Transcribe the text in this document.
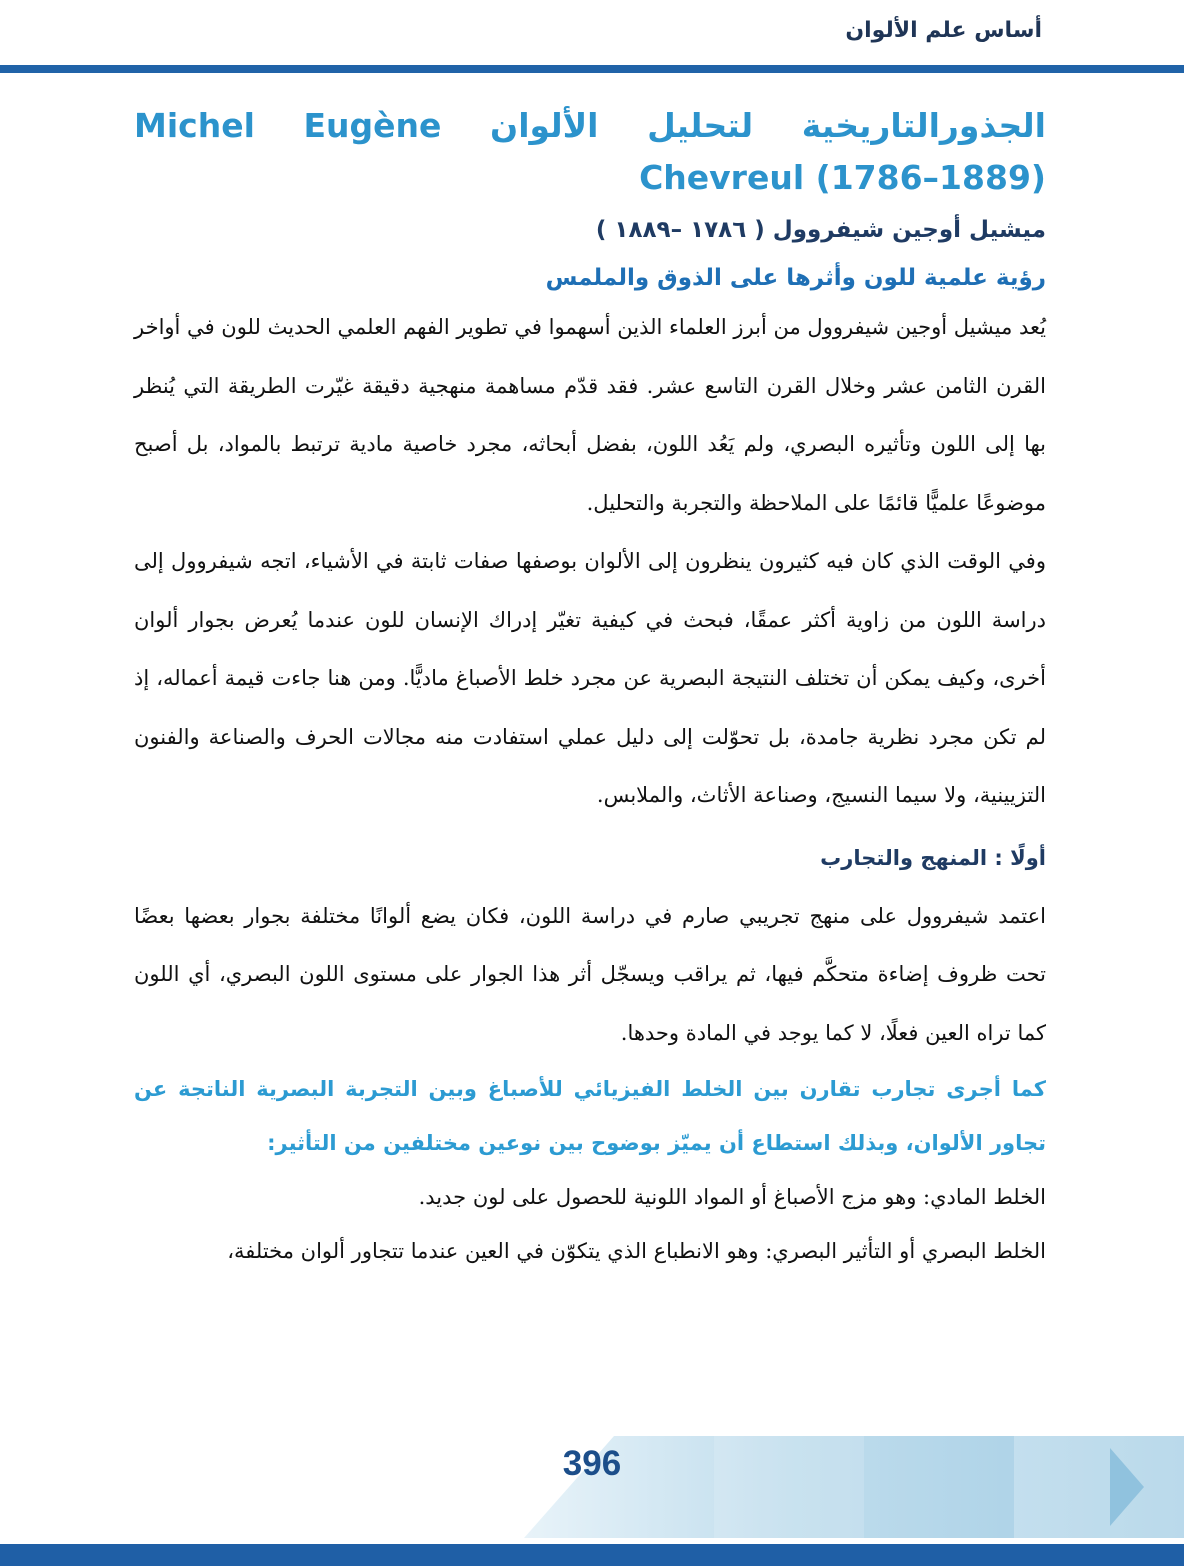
أساس علم الألوان
الجذورالتاريخية لتحليل الألوان Michel Eugène Chevreul (1786–1889)
ميشيل أوجين شيفروول ( ١٧٨٦ –١٨٨٩ )
رؤية علمية للون وأثرها على الذوق والملمس

يُعد ميشيل أوجين شيفروول من أبرز العلماء الذين أسهموا في تطوير الفهم العلمي الحديث للون في أواخر القرن الثامن عشر وخلال القرن التاسع عشر. فقد قدّم مساهمة منهجية دقيقة غيّرت الطريقة التي يُنظر بها إلى اللون وتأثيره البصري، ولم يَعُد اللون، بفضل أبحاثه، مجرد خاصية مادية ترتبط بالمواد، بل أصبح موضوعًا علميًّا قائمًا على الملاحظة والتجربة والتحليل.

وفي الوقت الذي كان فيه كثيرون ينظرون إلى الألوان بوصفها صفات ثابتة في الأشياء، اتجه شيفروول إلى دراسة اللون من زاوية أكثر عمقًا، فبحث في كيفية تغيّر إدراك الإنسان للون عندما يُعرض بجوار ألوان أخرى، وكيف يمكن أن تختلف النتيجة البصرية عن مجرد خلط الأصباغ ماديًّا. ومن هنا جاءت قيمة أعماله، إذ لم تكن مجرد نظرية جامدة، بل تحوّلت إلى دليل عملي استفادت منه مجالات الحرف والصناعة والفنون التزيينية، ولا سيما النسيج، وصناعة الأثاث، والملابس.

أولًا : المنهج والتجارب

اعتمد شيفروول على منهج تجريبي صارم في دراسة اللون، فكان يضع ألوانًا مختلفة بجوار بعضها بعضًا تحت ظروف إضاءة متحكَّم فيها، ثم يراقب ويسجّل أثر هذا الجوار على مستوى اللون البصري، أي اللون كما تراه العين فعلًا، لا كما يوجد في المادة وحدها.

كما أجرى تجارب تقارن بين الخلط الفيزيائي للأصباغ وبين التجربة البصرية الناتجة عن تجاور الألوان، وبذلك استطاع أن يميّز بوضوح بين نوعين مختلفين من التأثير:

الخلط المادي: وهو مزج الأصباغ أو المواد اللونية للحصول على لون جديد.

الخلط البصري أو التأثير البصري: وهو الانطباع الذي يتكوّن في العين عندما تتجاور ألوان مختلفة،

396
